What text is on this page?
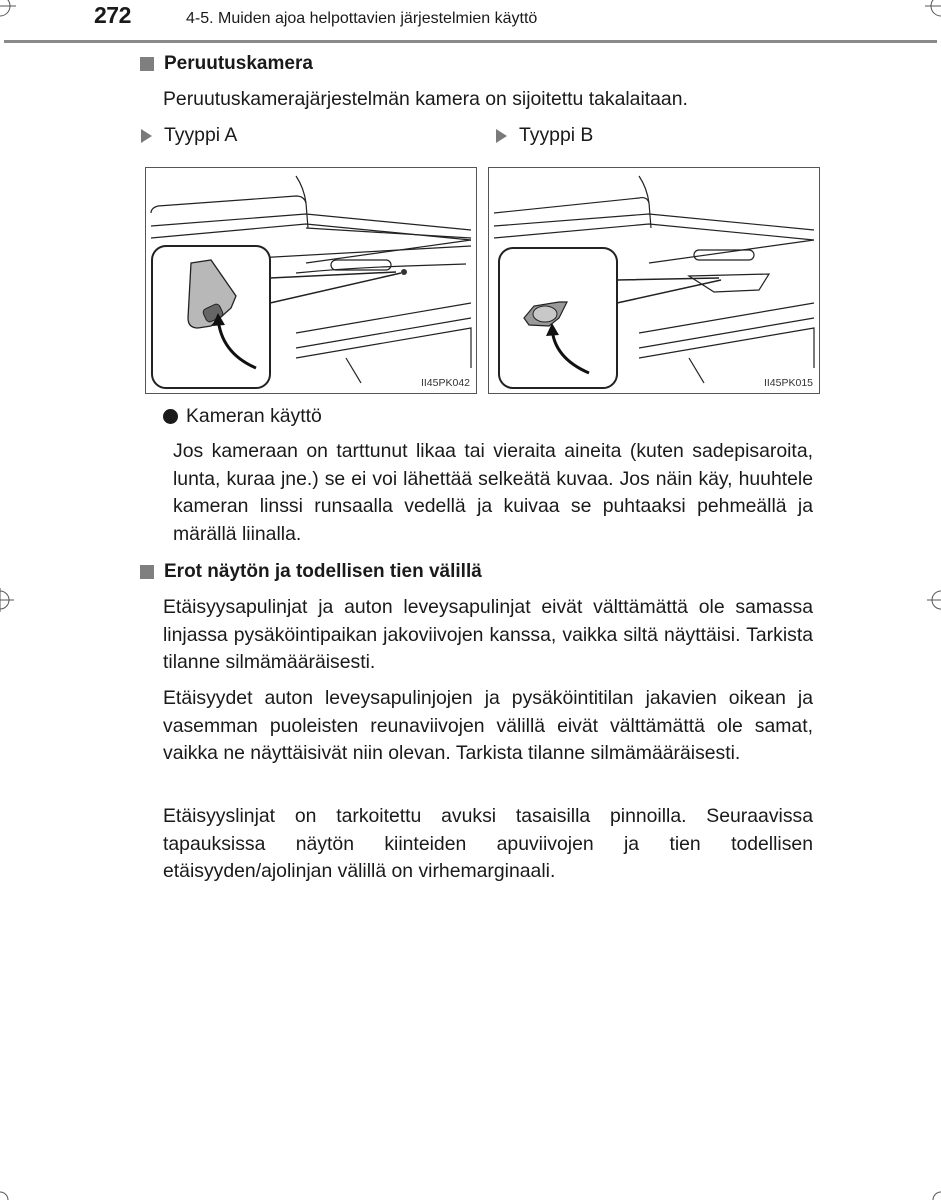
272	4-5. Muiden ajoa helpottavien järjestelmien käyttö
Peruutuskamera
Peruutuskamerajärjestelmän kamera on sijoitettu takalaitaan.
Tyyppi A	Tyyppi B
II45PK042	II45PK015
Kameran käyttö
Jos kameraan on tarttunut likaa tai vieraita aineita (kuten sadepisaroita, lunta, kuraa jne.) se ei voi lähettää selkeätä kuvaa. Jos näin käy, huuhtele kameran linssi runsaalla vedellä ja kuivaa se puhtaaksi pehmeällä ja märällä liinalla.
Erot näytön ja todellisen tien välillä
Etäisyysapulinjat ja auton leveysapulinjat eivät välttämättä ole samassa linjassa pysäköintipaikan jakoviivojen kanssa, vaikka siltä näyttäisi. Tarkista tilanne silmämääräisesti.
Etäisyydet auton leveysapulinjojen ja pysäköintitilan jakavien oikean ja vasemman puoleisten reunaviivojen välillä eivät välttämättä ole samat, vaikka ne näyttäisivät niin olevan. Tarkista tilanne silmämääräisesti.
Etäisyyslinjat on tarkoitettu avuksi tasaisilla pinnoilla. Seuraavissa tapauksissa näytön kiinteiden apuviivojen ja tien todellisen etäisyyden/ajolinjan välillä on virhemarginaali.
